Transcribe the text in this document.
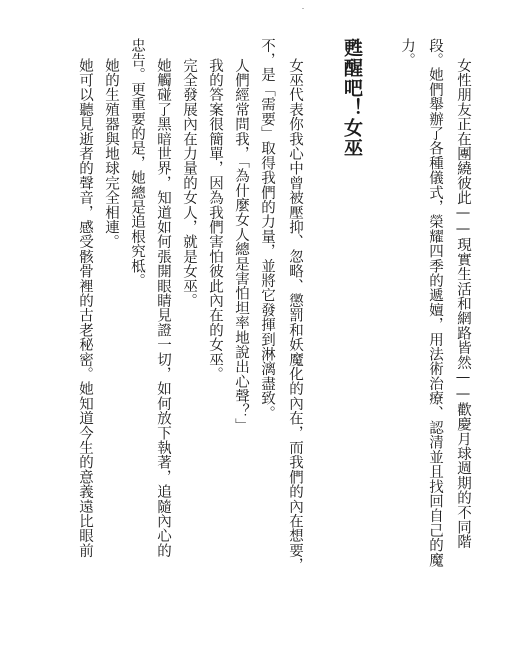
女性朋友正在團繞彼此——現實生活和網路皆然——歡慶月球週期的不同階
段。她們舉辦了各種儀式，榮耀四季的遞嬗，用法術治療、認清並且找回自己的魔
力。
甦醒吧！女巫
女巫代表你我心中曾被壓抑、忽略、懲罰和妖魔化的內在，而我們的內在想要，
不，是「需要」取得我們的力量，並將它發揮到淋漓盡致。
人們經常問我，「為什麼女人總是害怕坦率地說出心聲？」
我的答案很簡單，因為我們害怕彼此內在的女巫。
完全發展內在力量的女人，就是女巫。
她觸碰了黑暗世界，知道如何張開眼睛見證一切，如何放下執著，追隨內心的
忠告。更重要的是，她總是追根究柢。
她的生殖器與地球完全相連。
她可以聽見逝者的聲音，感受骸骨裡的古老秘密。她知道今生的意義遠比眼前
